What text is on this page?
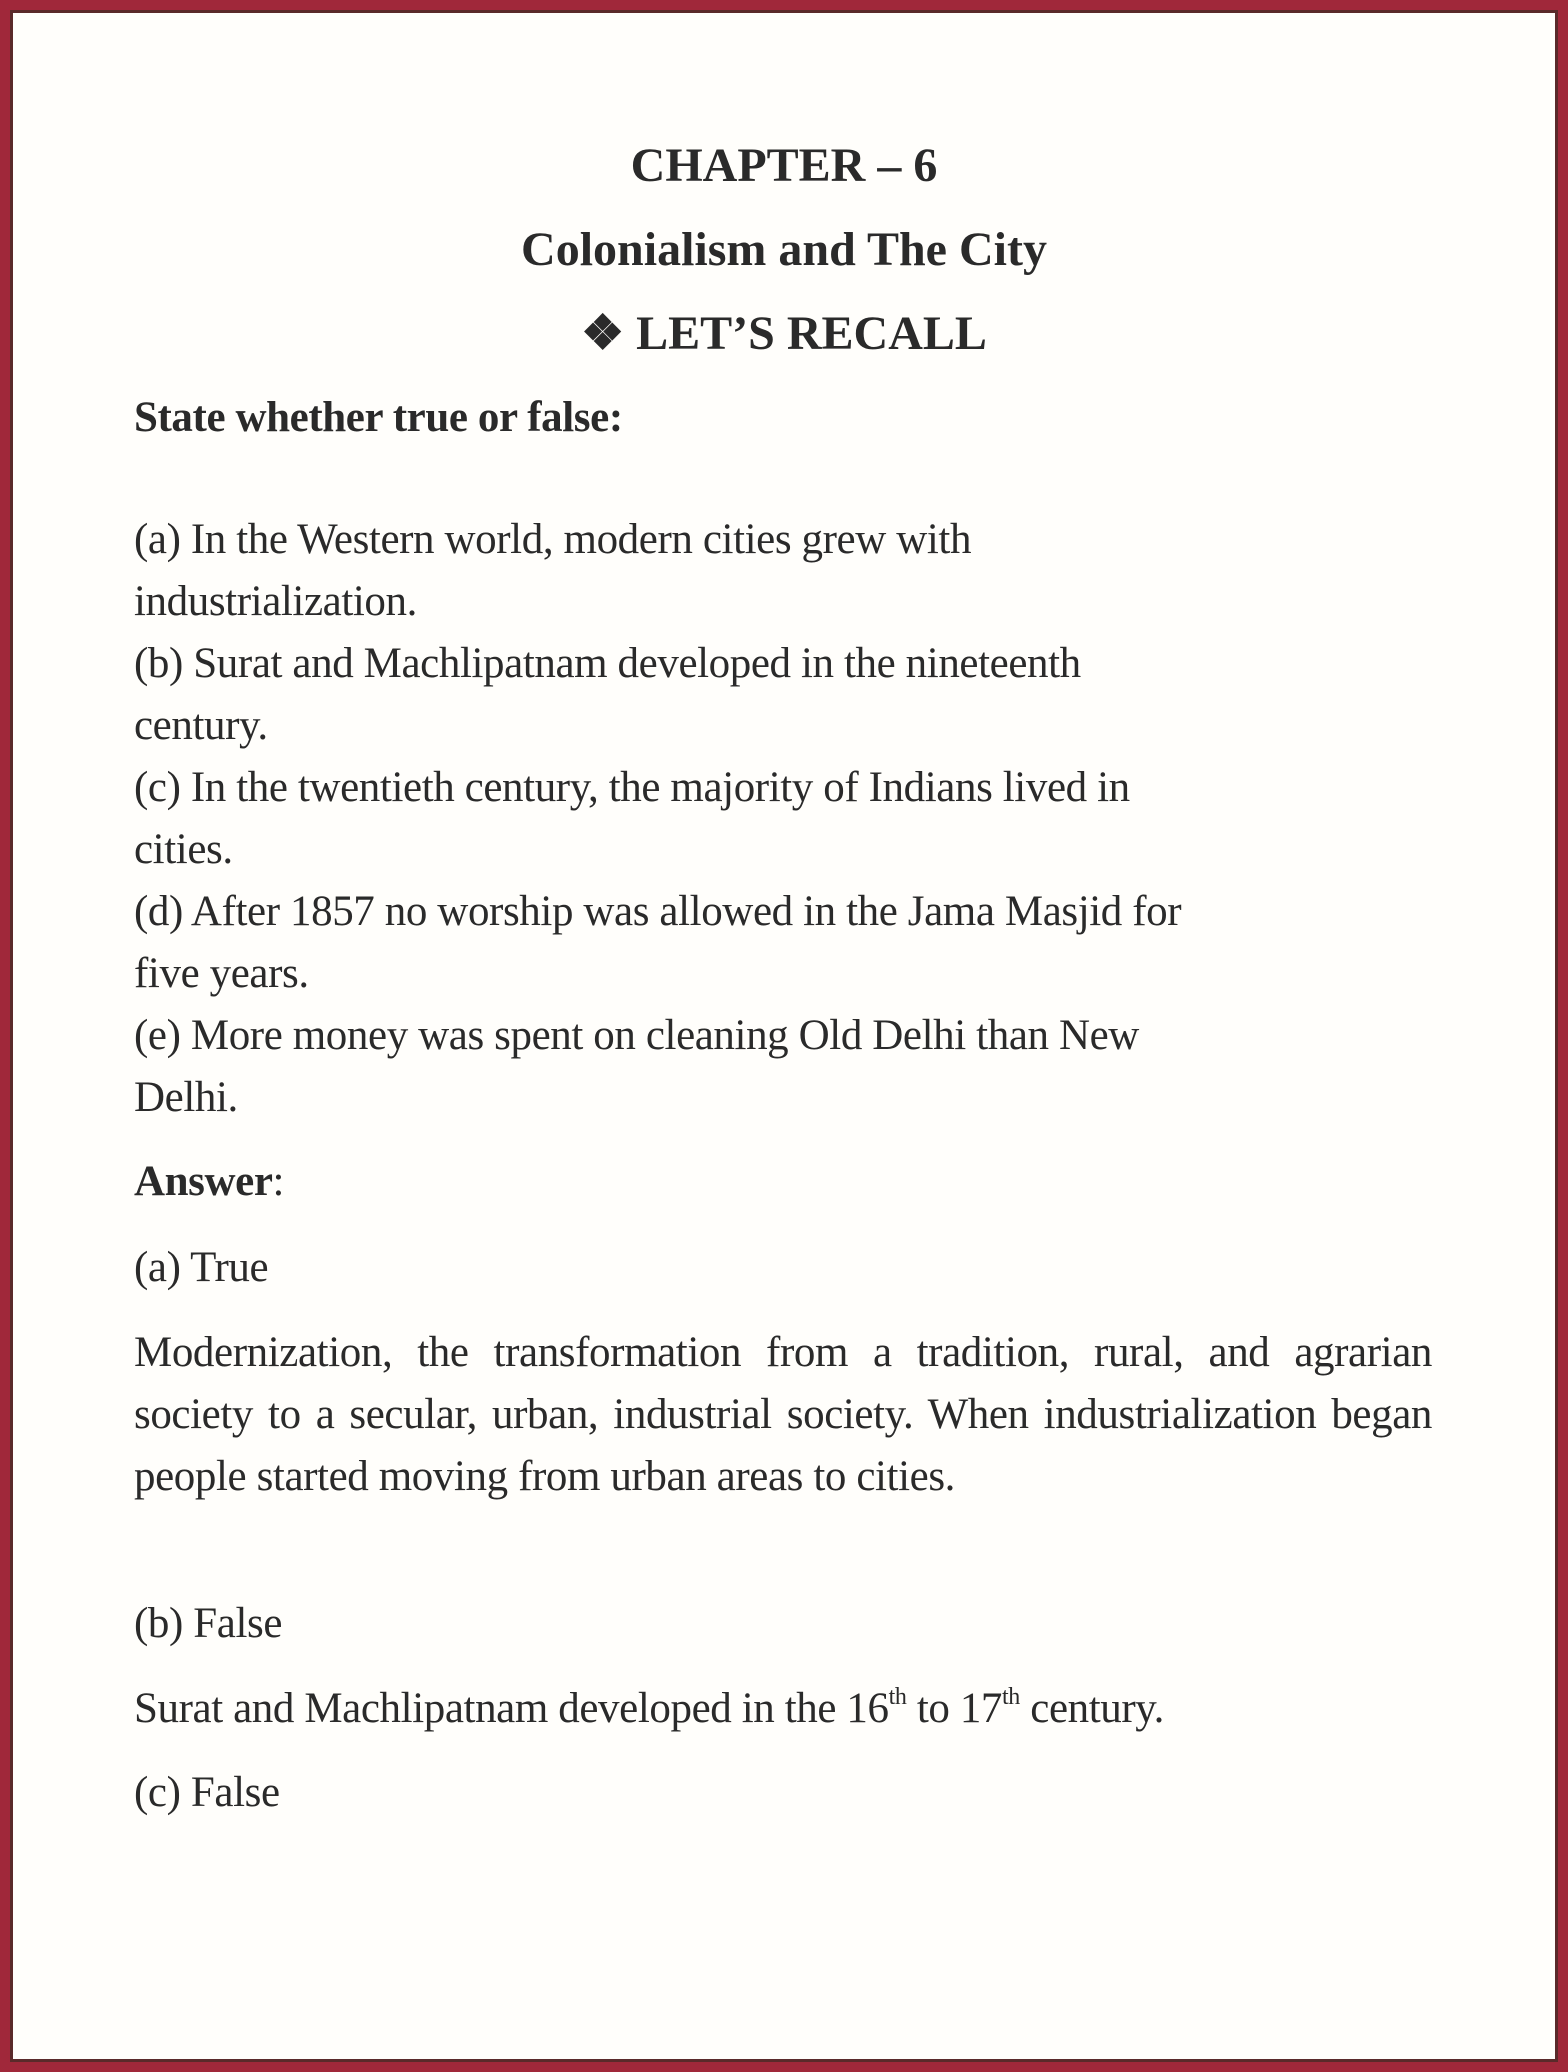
CHAPTER – 6
Colonialism and The City
❖ LET’S RECALL
State whether true or false:
(a) In the Western world, modern cities grew with
industrialization.
(b) Surat and Machlipatnam developed in the nineteenth
century.
(c) In the twentieth century, the majority of Indians lived in
cities.
(d) After 1857 no worship was allowed in the Jama Masjid for
five years.
(e) More money was spent on cleaning Old Delhi than New
Delhi.
Answer:
(a) True
Modernization, the transformation from a tradition, rural, and agrarian society to a secular, urban, industrial society. When industrialization began people started moving from urban areas to cities.
(b) False
Surat and Machlipatnam developed in the 16th to 17th century.
(c) False
